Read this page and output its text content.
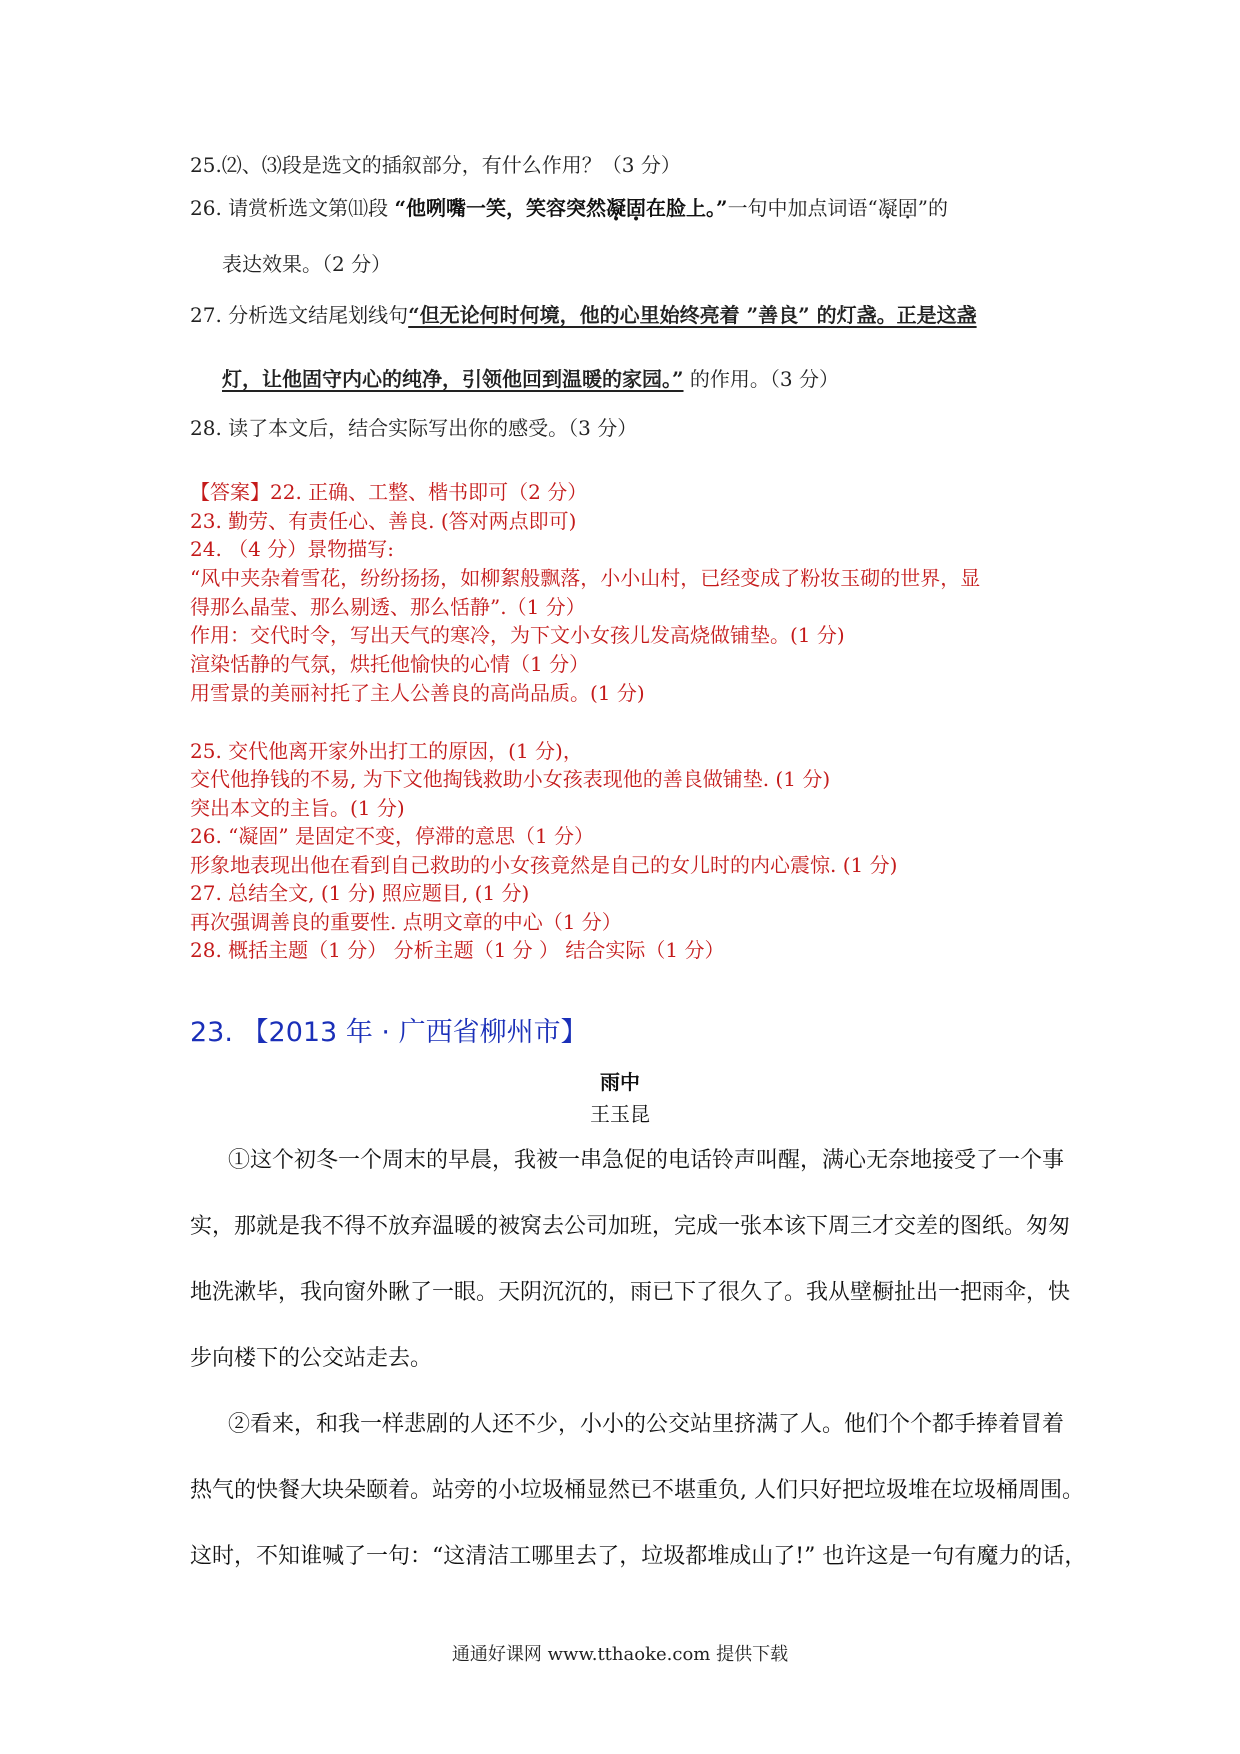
25.⑵、⑶段是选文的插叙部分，有什么作用？（3 分）
26. 请赏析选文第⑾段 “他咧嘴一笑，笑容突然凝固在脸上。”一句中加点词语“凝固”的
表达效果。（2 分）
27. 分析选文结尾划线句“但无论何时何境，他的心里始终亮着 ”善良” 的灯盏。正是这盏
灯，让他固守内心的纯净，引领他回到温暖的家园。” 的作用。（3 分）
28. 读了本文后，结合实际写出你的感受。（3 分）
【答案】22. 正确、工整、楷书即可（2 分）
23. 勤劳、有责任心、善良. (答对两点即可)
24. （4 分）景物描写:
“风中夹杂着雪花，纷纷扬扬，如柳絮般飘落，小小山村，已经变成了粉妆玉砌的世界，显
得那么晶莹、那么剔透、那么恬静”.（1 分）
作用：交代时令，写出天气的寒冷，为下文小女孩儿发高烧做铺垫。(1 分)
渲染恬静的气氛，烘托他愉快的心情（1 分）
用雪景的美丽衬托了主人公善良的高尚品质。(1 分)
25. 交代他离开家外出打工的原因，(1 分)，
交代他挣钱的不易, 为下文他掏钱救助小女孩表现他的善良做铺垫. (1 分)
突出本文的主旨。(1 分)
26. “凝固” 是固定不变，停滞的意思（1 分）
形象地表现出他在看到自己救助的小女孩竟然是自己的女儿时的内心震惊. (1 分)
27. 总结全文, (1 分) 照应题目, (1 分)
再次强调善良的重要性. 点明文章的中心（1 分）
28. 概括主题（1 分） 分析主题（1 分 ） 结合实际（1 分）
23. 【2013 年 · 广西省柳州市】
雨中
王玉昆
①这个初冬一个周末的早晨，我被一串急促的电话铃声叫醒，满心无奈地接受了一个事
实，那就是我不得不放弃温暖的被窝去公司加班，完成一张本该下周三才交差的图纸。匆匆
地洗漱毕，我向窗外瞅了一眼。天阴沉沉的，雨已下了很久了。我从壁橱扯出一把雨伞，快
步向楼下的公交站走去。
②看来，和我一样悲剧的人还不少，小小的公交站里挤满了人。他们个个都手捧着冒着
热气的快餐大块朵颐着。站旁的小垃圾桶显然已不堪重负, 人们只好把垃圾堆在垃圾桶周围。
这时，不知谁喊了一句：“这清洁工哪里去了，垃圾都堆成山了!” 也许这是一句有魔力的话，
通通好课网 www.tthaoke.com 提供下载
